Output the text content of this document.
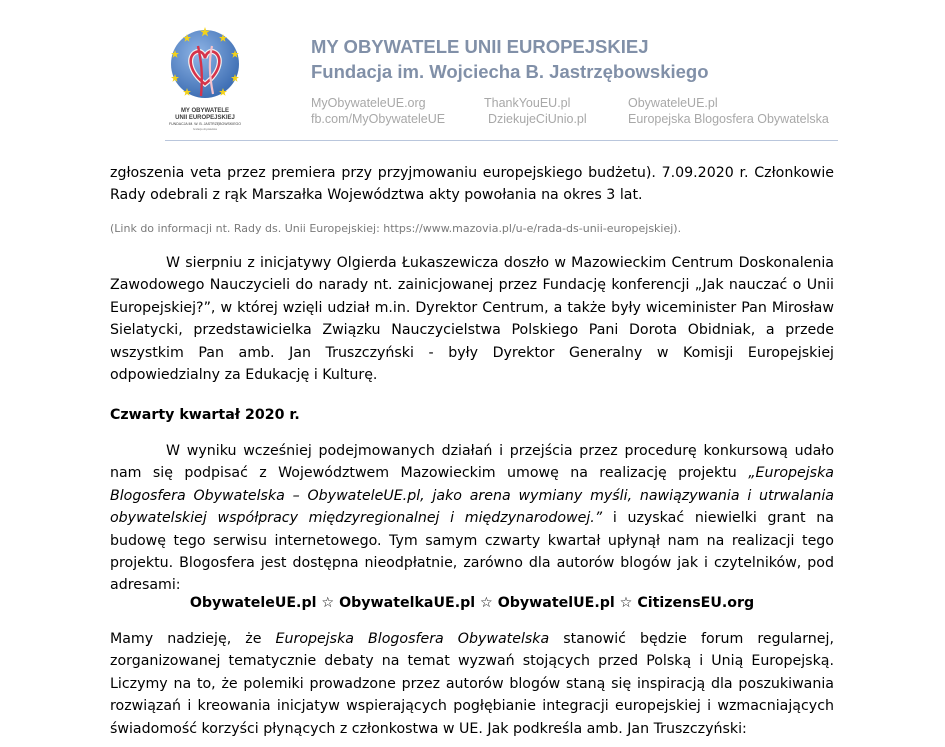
MY OBYWATELE
UNII EUROPEJSKIEJ
FUNDACJA IM. W. B. JASTRZĘBOWSKIEGO
fundacja obywatelska
MY OBYWATELE UNII EUROPEJSKIEJ
Fundacja im. Wojciecha B. Jastrzębowskiego
MyObywateleUE.org
fb.com/MyObywateleUE
ThankYouEU.pl
DziekujeCiUnio.pl
ObywateleUE.pl
Europejska Blogosfera Obywatelska

zgłoszenia veta przez premiera przy przyjmowaniu europejskiego budżetu). 7.09.2020 r. Członkowie Rady odebrali z rąk Marszałka Województwa akty powołania na okres 3 lat.

(Link do informacji nt. Rady ds. Unii Europejskiej: https://www.mazovia.pl/u-e/rada-ds-unii-europejskiej).

W sierpniu z inicjatywy Olgierda Łukaszewicza doszło w Mazowieckim Centrum Doskonalenia Zawodowego Nauczycieli do narady nt. zainicjowanej przez Fundację konferencji „Jak nauczać o Unii Europejskiej?”, w której wzięli udział m.in. Dyrektor Centrum, a także były wiceminister Pan Mirosław Sielatycki, przedstawicielka Związku Nauczycielstwa Polskiego Pani Dorota Obidniak, a przede wszystkim Pan amb. Jan Truszczyński - były Dyrektor Generalny w Komisji Europejskiej odpowiedzialny za Edukację i Kulturę.

Czwarty kwartał 2020 r.

W wyniku wcześniej podejmowanych działań i przejścia przez procedurę konkursową udało nam się podpisać z Województwem Mazowieckim umowę na realizację projektu „Europejska Blogosfera Obywatelska – ObywateleUE.pl, jako arena wymiany myśli, nawiązywania i utrwalania obywatelskiej współpracy międzyregionalnej i międzynarodowej.” i uzyskać niewielki grant na budowę tego serwisu internetowego. Tym samym czwarty kwartał upłynął nam na realizacji tego projektu. Blogosfera jest dostępna nieodpłatnie, zarówno dla autorów blogów jak i czytelników, pod adresami:

ObywateleUE.pl ☆ ObywatelkaUE.pl ☆ ObywatelUE.pl ☆ CitizensEU.org

Mamy nadzieję, że Europejska Blogosfera Obywatelska stanowić będzie forum regularnej, zorganizowanej tematycznie debaty na temat wyzwań stojących przed Polską i Unią Europejską. Liczymy na to, że polemiki prowadzone przez autorów blogów staną się inspiracją dla poszukiwania rozwiązań i kreowania inicjatyw wspierających pogłębianie integracji europejskiej i wzmacniających świadomość korzyści płynących z członkostwa w UE. Jak podkreśla amb. Jan Truszczyński:
